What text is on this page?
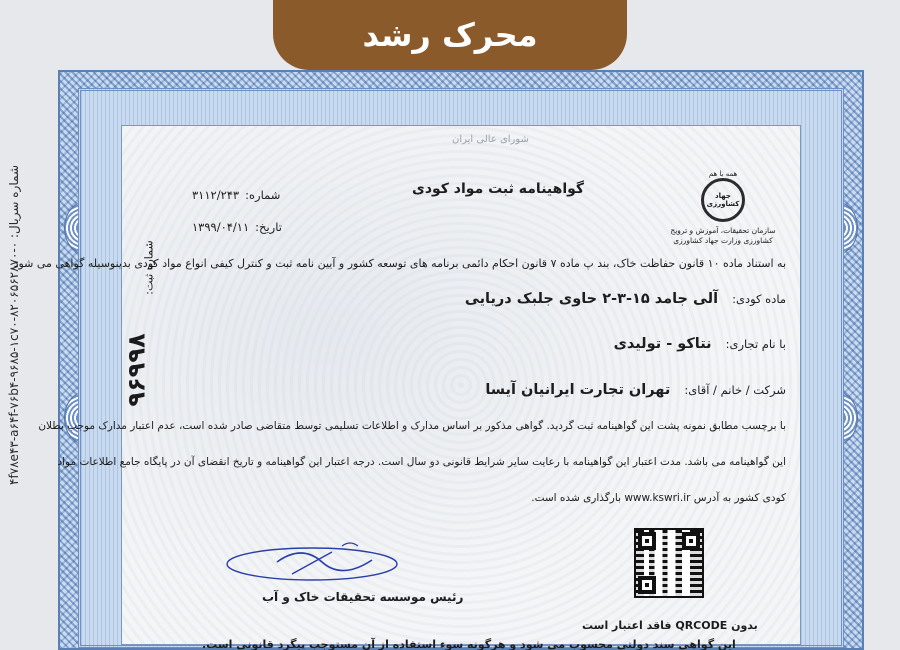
شماره سریال: ۴f۷۸e۴۳-a۶۴f-۷۶b۴-۹۶۸۵-۱c۷۰-۸۲۰۶۵۶۲۸۷۰-۰
محرک رشد
شورای عالی ایران
همه با هم
جهاد کشاورزی
سازمان تحقیقات، آموزش و ترویج
کشاورزی وزارت جهاد کشاورزی
گواهینامه ثبت مواد کودی
شماره:
۳۱۱۲/۲۴۳
تاریخ:
۱۳۹۹/۰۴/۱۱
به استناد ماده ۱۰ قانون حفاظت خاک، بند پ ماده ۷ قانون احکام دائمی برنامه های توسعه کشور و آیین نامه ثبت و کنترل کیفی انواع مواد کودی بدینوسیله گواهی می شود
ماده کودی:
آلی جامد ۱۵-۳-۲ حاوی جلبک دریایی
با نام تجاری:
نتاکو - تولیدی
شرکت / خانم / آقای:
تهران تجارت ایرانیان آیسا
با برچسب مطابق نمونه پشت این گواهینامه ثبت گردید. گواهی مذکور بر اساس مدارک و اطلاعات تسلیمی توسط متقاضی صادر شده است، عدم اعتبار مدارک موجب بطلان
این گواهینامه می باشد. مدت اعتبار این گواهینامه با رعایت سایر شرایط قانونی دو سال است. درجه اعتبار این گواهینامه و تاریخ انقضای آن در پایگاه جامع اطلاعات مواد
کودی کشور به آدرس www.kswri.ir بارگذاری شده است.
شماره ثبت:
۹۶۹۹۸
رئیس موسسه تحقیقات خاک و آب
بدون QRCODE فاقد اعتبار است
این گواهی سند دولتی محسوب می شود و هرگونه سوء استفاده از آن مستوجب پیگرد قانونی است.
